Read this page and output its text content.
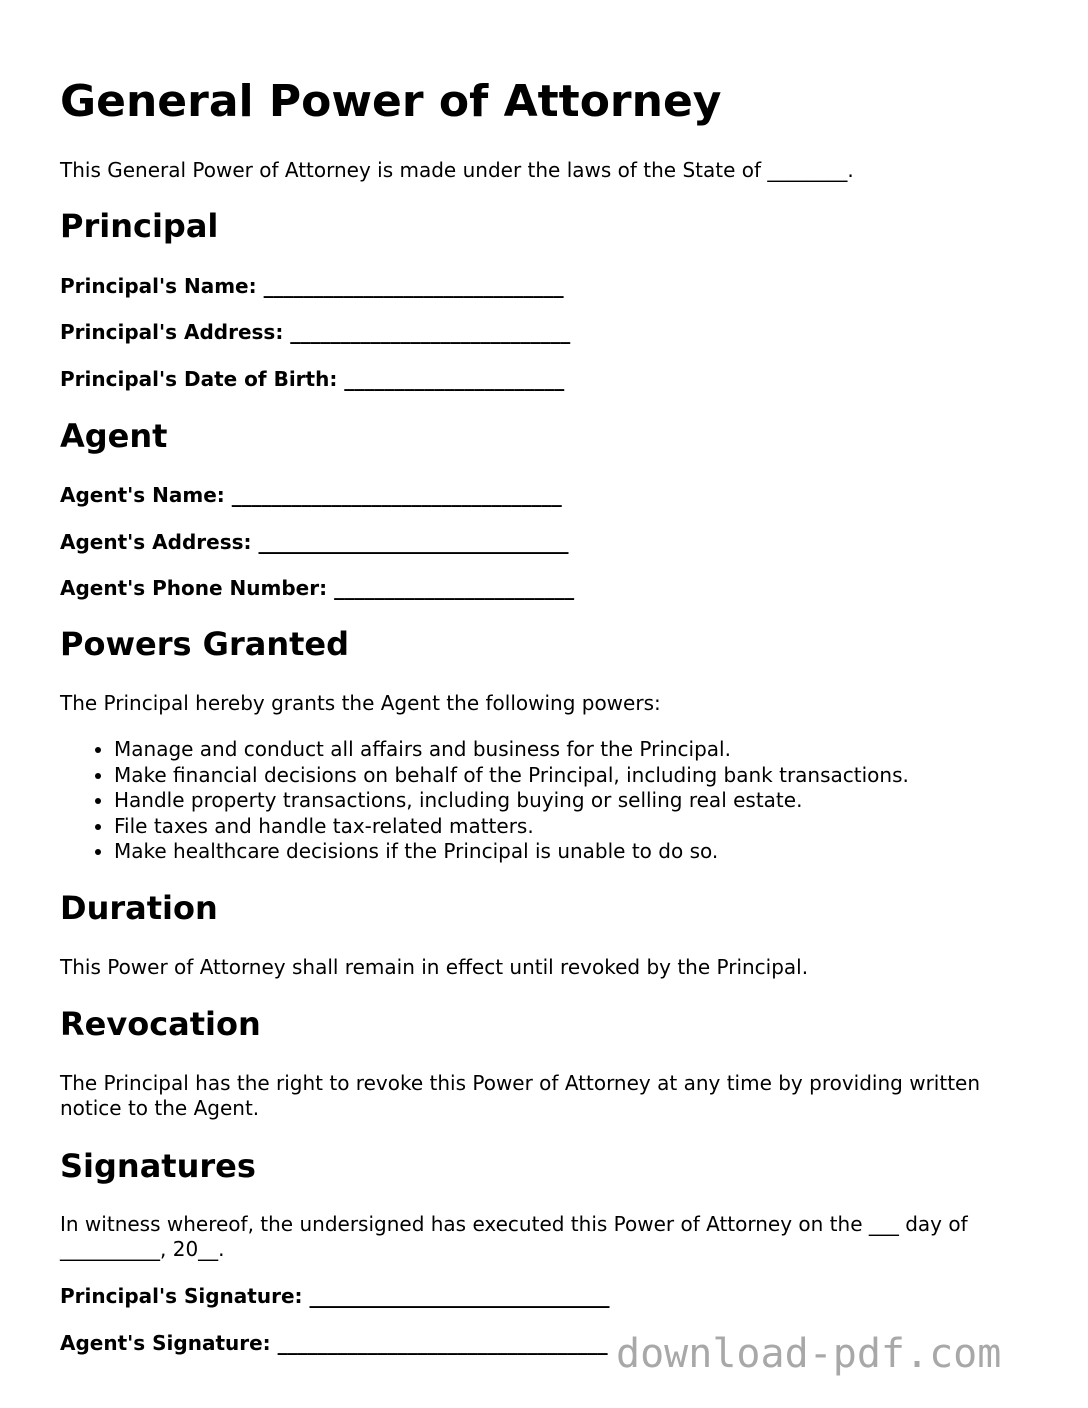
General Power of Attorney

This General Power of Attorney is made under the laws of the State of ________.

Principal

Principal's Name: ______________________________

Principal's Address: ____________________________

Principal's Date of Birth: ______________________

Agent

Agent's Name: _________________________________

Agent's Address: _______________________________

Agent's Phone Number: ________________________

Powers Granted

The Principal hereby grants the Agent the following powers:

• Manage and conduct all affairs and business for the Principal.
• Make financial decisions on behalf of the Principal, including bank transactions.
• Handle property transactions, including buying or selling real estate.
• File taxes and handle tax-related matters.
• Make healthcare decisions if the Principal is unable to do so.
Duration

This Power of Attorney shall remain in effect until revoked by the Principal.

Revocation

The Principal has the right to revoke this Power of Attorney at any time by providing written notice to the Agent.

Signatures

In witness whereof, the undersigned has executed this Power of Attorney on the ___ day of __________, 20__.

Principal's Signature: ______________________________

Agent's Signature: _________________________________ download-pdf.com
